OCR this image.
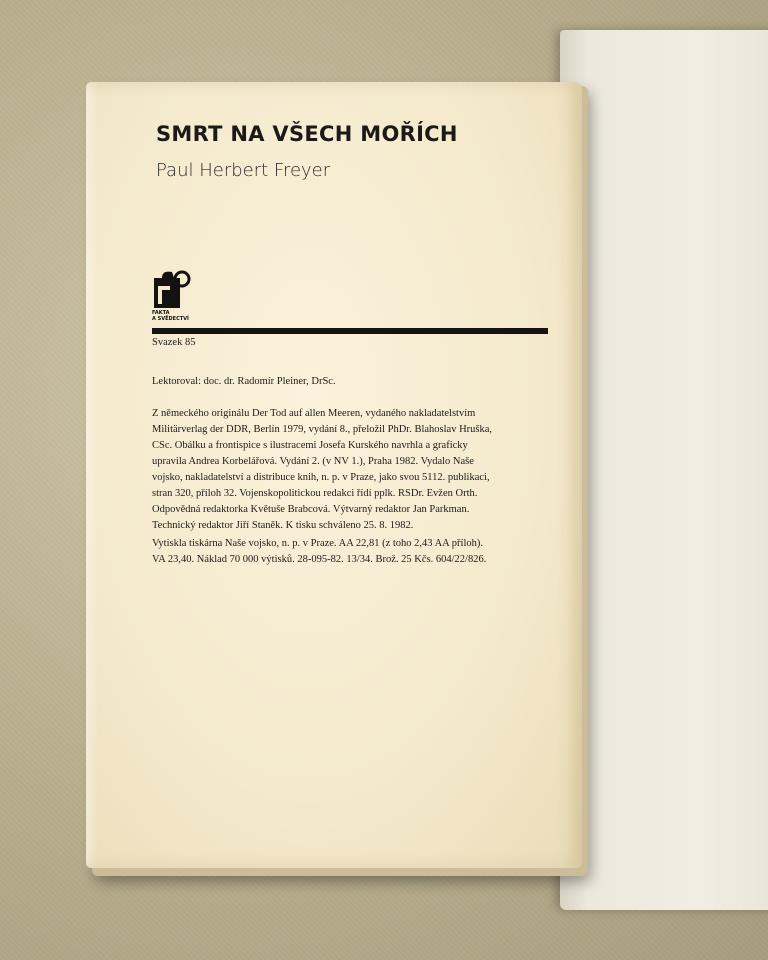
SMRT NA VŠECH MOŘÍCH
Paul Herbert Freyer
FAKTA
A SVĚDECTVÍ
Svazek 85
Lektoroval: doc. dr. Radomír Pleiner, DrSc.
Z německého originálu Der Tod auf allen Meeren, vydaného nakladatelstvím
Militärverlag der DDR, Berlín 1979, vydání 8., přeložil PhDr. Blahoslav Hruška,
CSc. Obálku a frontispice s ilustracemi Josefa Kurského navrhla a graficky
upravila Andrea Korbelářová. Vydání 2. (v NV 1.), Praha 1982. Vydalo Naše
vojsko, nakladatelství a distribuce knih, n. p. v Praze, jako svou 5112. publikaci,
stran 320, příloh 32. Vojenskopolitickou redakci řídí pplk. RSDr. Evžen Orth.
Odpovědná redaktorka Květuše Brabcová. Výtvarný redaktor Jan Parkman.
Technický redaktor Jiří Staněk. K tisku schváleno 25. 8. 1982.
Vytiskla tiskárna Naše vojsko, n. p. v Praze. AA 22,81 (z toho 2,43 AA příloh).
VA 23,40. Náklad 70 000 výtisků. 28-095-82. 13/34. Brož. 25 Kčs. 604/22/826.
